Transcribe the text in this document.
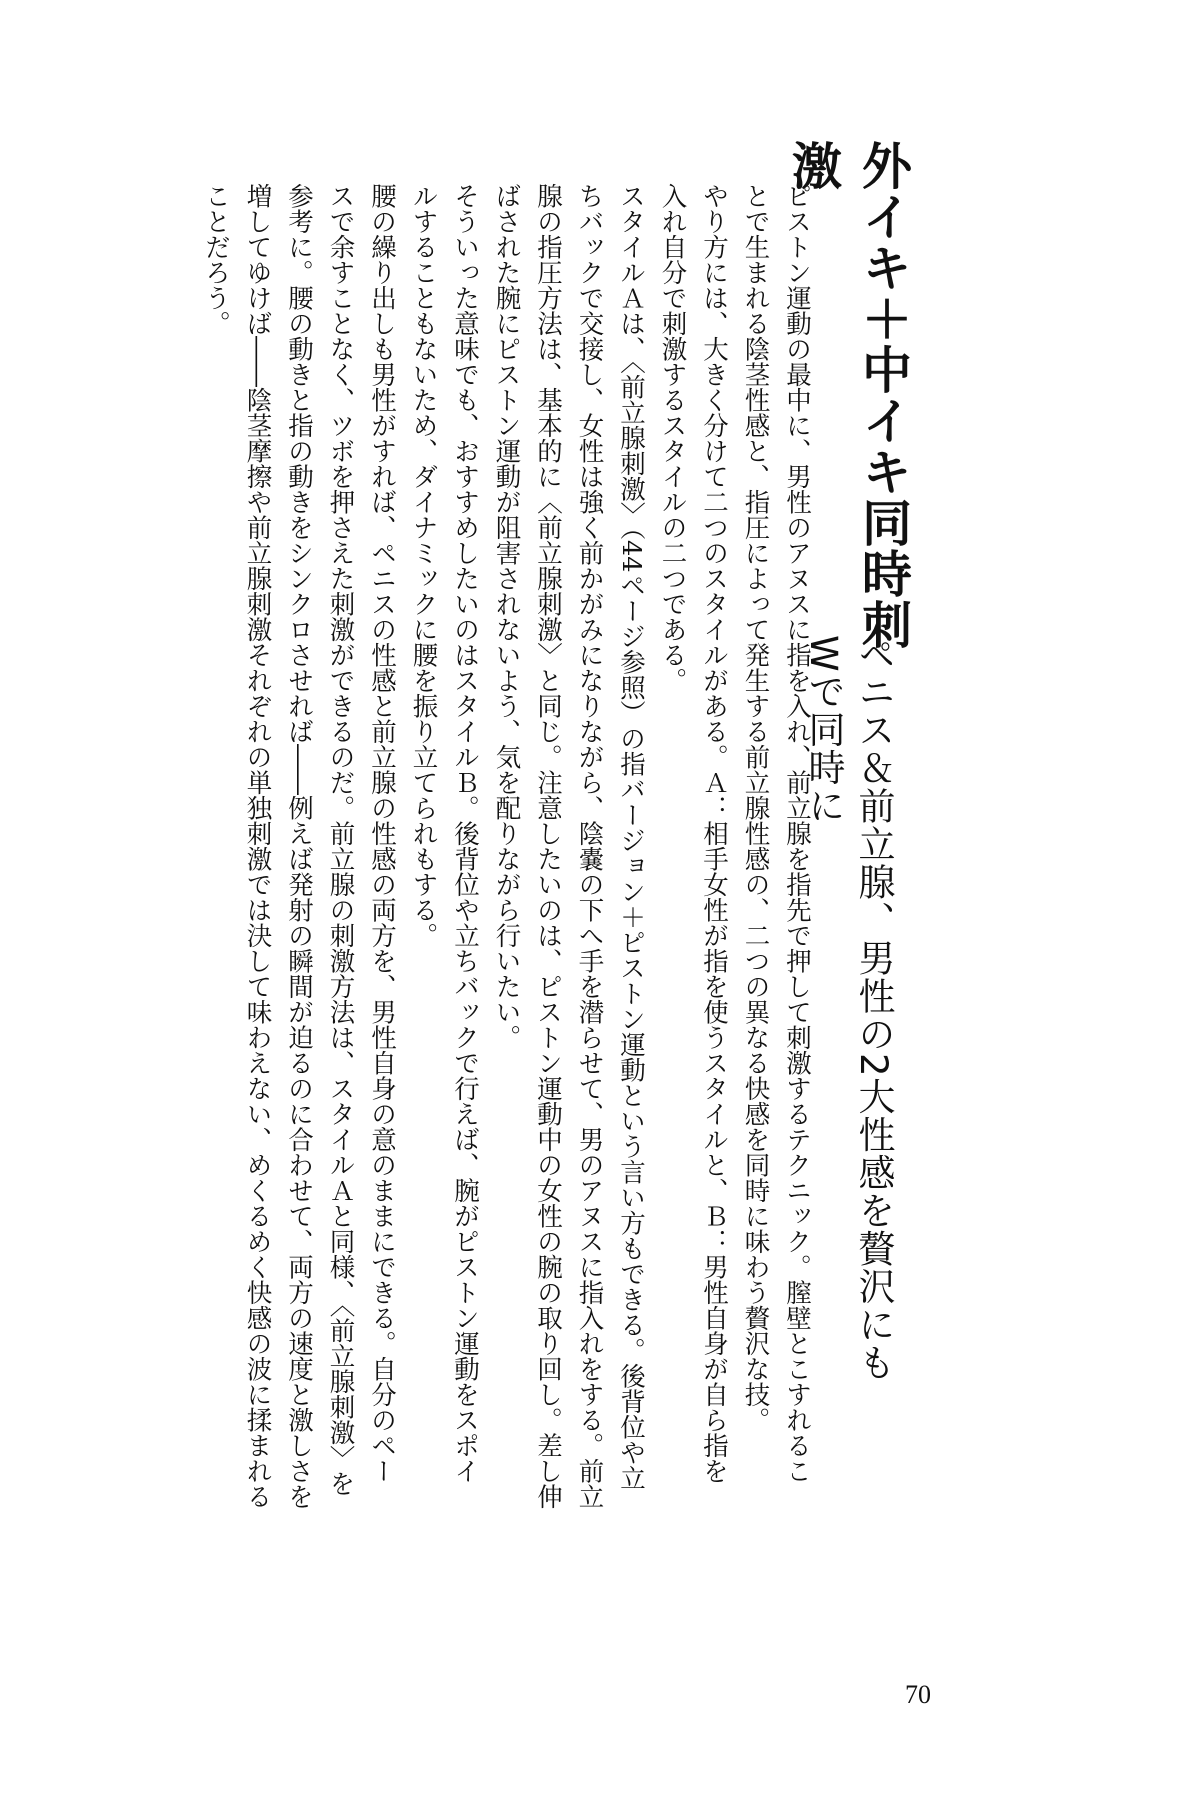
外イキ＋中イキ同時刺激
ペニス＆前立腺、男性の2大性感を贅沢にもWで同時に
ピストン運動の最中に、男性のアヌスに指を入れ、前立腺を指先で押して刺激するテクニック。膣壁とこすれるこ
とで生まれる陰茎性感と、指圧によって発生する前立腺性感の、二つの異なる快感を同時に味わう贅沢な技。
やり方には、大きく分けて二つのスタイルがある。Ａ：相手女性が指を使うスタイルと、Ｂ：男性自身が自ら指を
入れ自分で刺激するスタイルの二つである。
スタイルＡは、〈前立腺刺激〉（44ページ参照）の指バージョン＋ピストン運動という言い方もできる。後背位や立
ちバックで交接し、女性は強く前かがみになりながら、陰嚢の下へ手を潜らせて、男のアヌスに指入れをする。前立
腺の指圧方法は、基本的に〈前立腺刺激〉と同じ。注意したいのは、ピストン運動中の女性の腕の取り回し。差し伸
ばされた腕にピストン運動が阻害されないよう、気を配りながら行いたい。
そういった意味でも、おすすめしたいのはスタイルＢ。後背位や立ちバックで行えば、腕がピストン運動をスポイ
ルすることもないため、ダイナミックに腰を振り立てられもする。
腰の繰り出しも男性がすれば、ペニスの性感と前立腺の性感の両方を、男性自身の意のままにできる。自分のペー
スで余すことなく、ツボを押さえた刺激ができるのだ。前立腺の刺激方法は、スタイルＡと同様、〈前立腺刺激〉を
参考に。腰の動きと指の動きをシンクロさせれば――例えば発射の瞬間が迫るのに合わせて、両方の速度と激しさを
増してゆけば――陰茎摩擦や前立腺刺激それぞれの単独刺激では決して味わえない、めくるめく快感の波に揉まれる
ことだろう。
70
